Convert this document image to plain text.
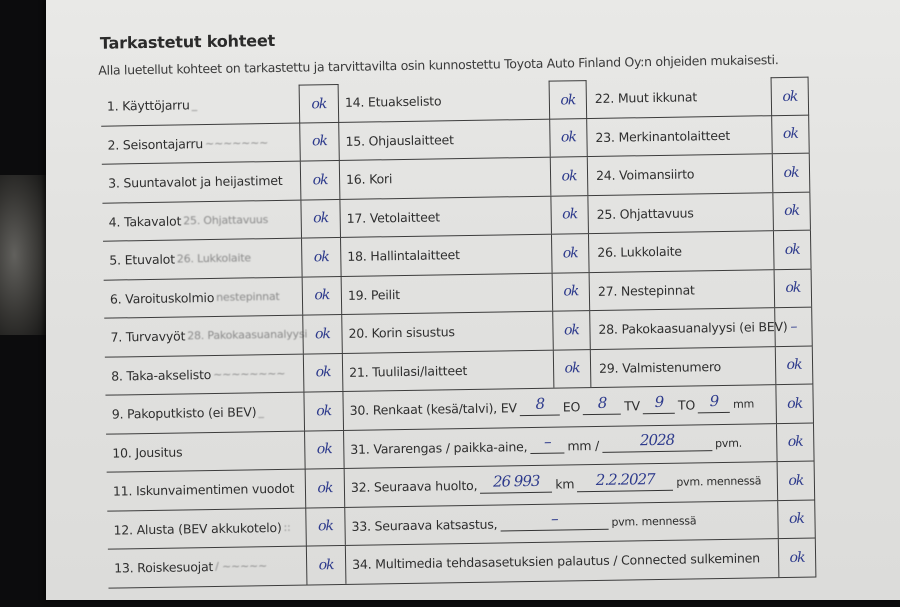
Tarkastetut kohteet
Alla luetellut kohteet on tarkastettu ja tarvittavilta osin kunnostettu Toyota Auto Finland Oy:n ohjeiden mukaisesti.
1. Käyttöjarru _	ok	14. Etuakselisto	ok	22. Muut ikkunat	ok
2. Seisontajarru ~~~~~~~	ok	15. Ohjauslaitteet	ok	23. Merkinantolaitteet	ok
3. Suuntavalot ja heijastimet ok	16. Kori	ok	24. Voimansiirto	ok
4. Takavalot 25. Ohjattavuus	ok	17. Vetolaitteet	ok	25. Ohjattavuus	ok
5. Etuvalot 26. Lukkolaite	ok	18. Hallintalaitteet	ok	26. Lukkolaite	ok
6. Varoituskolmio nestepinnat ok	19. Peilit	ok	27. Nestepinnat	ok
7. Turvavyöt 28. Pakokaasuanalyysi ok	20. Korin sisustus	ok	28. Pakokaasuanalyysi (ei BEV) –
8. Taka-akselisto ~~~~~~~~ ok	21. Tuulilasi/laitteet	ok	29. Valmistenumero	ok
9. Pakoputkisto (ei BEV) _	ok 30. Renkaat (kesä/talvi), EV	8	EO	8	TV 9	TO 9	mm ok
10. Jousitus	ok 31. Vararengas / paikka-aine,	–	mm /	2028	pvm.	ok
11. Iskunvaimentimen vuodot ok 32. Seuraava huolto,	26 993	km	2.2.2027	pvm. mennessä ok
12. Alusta (BEV akkukotelo) :: ok 33. Seuraava katsastus,	–	pvm. mennessä	ok
13. Roiskesuojat / ~~~~~	ok 34. Multimedia tehdasasetuksien palautus / Connected sulkeminen ok
